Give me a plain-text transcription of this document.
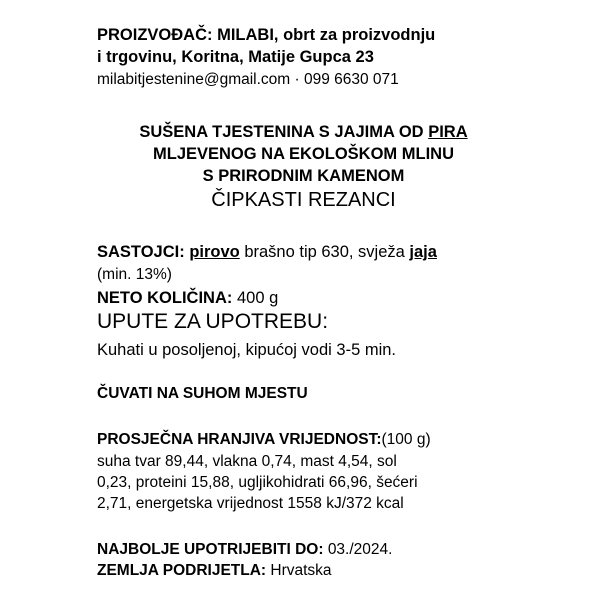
PROIZVOĐAČ: MILABI, obrt za proizvodnju
i trgovinu, Koritna, Matije Gupca 23
milabitjestenine@gmail.com · 099 6630 071
SUŠENA TJESTENINA S JAJIMA OD PIRA
MLJEVENOG NA EKOLOŠKOM MLINU
S PRIRODNIM KAMENOM
ČIPKASTI REZANCI
SASTOJCI: pirovo brašno tip 630, svježa jaja
(min. 13%)
NETO KOLIČINA: 400 g
UPUTE ZA UPOTREBU:
Kuhati u posoljenoj, kipućoj vodi 3-5 min.
ČUVATI NA SUHOM MJESTU
PROSJEČNA HRANJIVA VRIJEDNOST:(100 g)
suha tvar 89,44, vlakna 0,74, mast 4,54, sol
0,23, proteini 15,88, ugljikohidrati 66,96, šećeri
2,71, energetska vrijednost 1558 kJ/372 kcal
NAJBOLJE UPOTRIJEBITI DO: 03./2024.
ZEMLJA PODRIJETLA: Hrvatska
